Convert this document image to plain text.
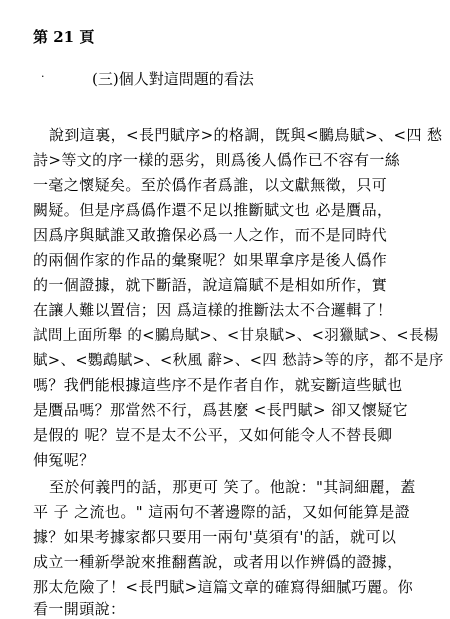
第 21 頁
·	(三)個人對這問題的看法
說到這裏，<長門賦序>的格調，旣與<鵩鳥賦>、<四 愁
詩>等文的序一樣的惡劣，則爲後人僞作已不容有一絲
一毫之懷疑矣。至於僞作者爲誰，以文獻無徵，只可
闕疑。但是序爲僞作還不足以推斷賦文也 必是贋品，
因爲序與賦誰又敢擔保必爲一人之作，而不是同時代
的兩個作家的作品的彙聚呢？如果單拿序是後人僞作
的一個證據，就下斷語，說這篇賦不是相如所作，實
在讓人難以置信；因 爲這樣的推斷法太不合邏輯了！
試問上面所舉 的<鵩鳥賦>、<甘泉賦>、<羽獵賦>、<長楊
賦>、<鸚鵡賦>、<秋風 辭>、<四 愁詩>等的序，都不是序
嗎？我們能根據這些序不是作者自作，就妄斷這些賦也
是贋品嗎？那當然不行，爲甚麼 <長門賦> 卻又懷疑它
是假的 呢？豈不是太不公平，又如何能令人不替長卿
伸冤呢？
至於何義門的話，那更可 笑了。他說："其詞細麗，蓋
平 子 之流也。" 這兩句不著邊際的話，又如何能算是證
據？如果考據家都只要用一兩句'莫須有'的話，就可以
成立一種新學說來推翻舊說，或者用以作辨僞的證據，
那太危險了！<長門賦>這篇文章的確寫得細膩巧麗。你
看一開頭說：
